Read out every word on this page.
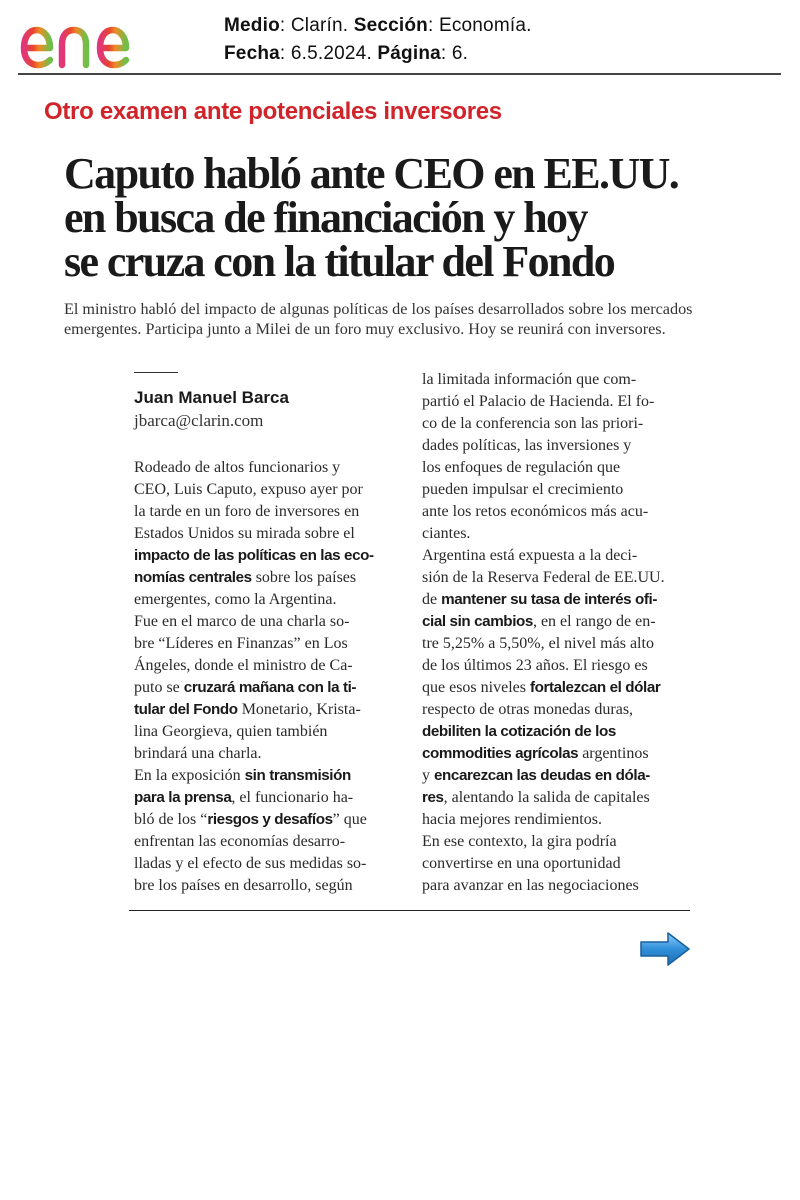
Medio: Clarín. Sección: Economía.
Fecha: 6.5.2024. Página: 6.
Otro examen ante potenciales inversores
Caputo habló ante CEO en EE.UU.
en busca de financiación y hoy
se cruza con la titular del Fondo
El ministro habló del impacto de algunas políticas de los países desarrollados sobre los mercados
emergentes. Participa junto a Milei de un foro muy exclusivo. Hoy se reunirá con inversores.
Juan Manuel Barca
jbarca@clarin.com
Rodeado de altos funcionarios y
CEO, Luis Caputo, expuso ayer por
la tarde en un foro de inversores en
Estados Unidos su mirada sobre el
impacto de las políticas en las eco-
nomías centrales sobre los países
emergentes, como la Argentina.
Fue en el marco de una charla so-
bre “Líderes en Finanzas” en Los
Ángeles, donde el ministro de Ca-
puto se cruzará mañana con la ti-
tular del Fondo Monetario, Krista-
lina Georgieva, quien también
brindará una charla.
En la exposición sin transmisión
para la prensa, el funcionario ha-
bló de los “riesgos y desafíos” que
enfrentan las economías desarro-
lladas y el efecto de sus medidas so-
bre los países en desarrollo, según
la limitada información que com-
partió el Palacio de Hacienda. El fo-
co de la conferencia son las priori-
dades políticas, las inversiones y
los enfoques de regulación que
pueden impulsar el crecimiento
ante los retos económicos más acu-
ciantes.
Argentina está expuesta a la deci-
sión de la Reserva Federal de EE.UU.
de mantener su tasa de interés ofi-
cial sin cambios, en el rango de en-
tre 5,25% a 5,50%, el nivel más alto
de los últimos 23 años. El riesgo es
que esos niveles fortalezcan el dólar
respecto de otras monedas duras,
debiliten la cotización de los
commodities agrícolas argentinos
y encarezcan las deudas en dóla-
res, alentando la salida de capitales
hacia mejores rendimientos.
En ese contexto, la gira podría
convertirse en una oportunidad
para avanzar en las negociaciones
